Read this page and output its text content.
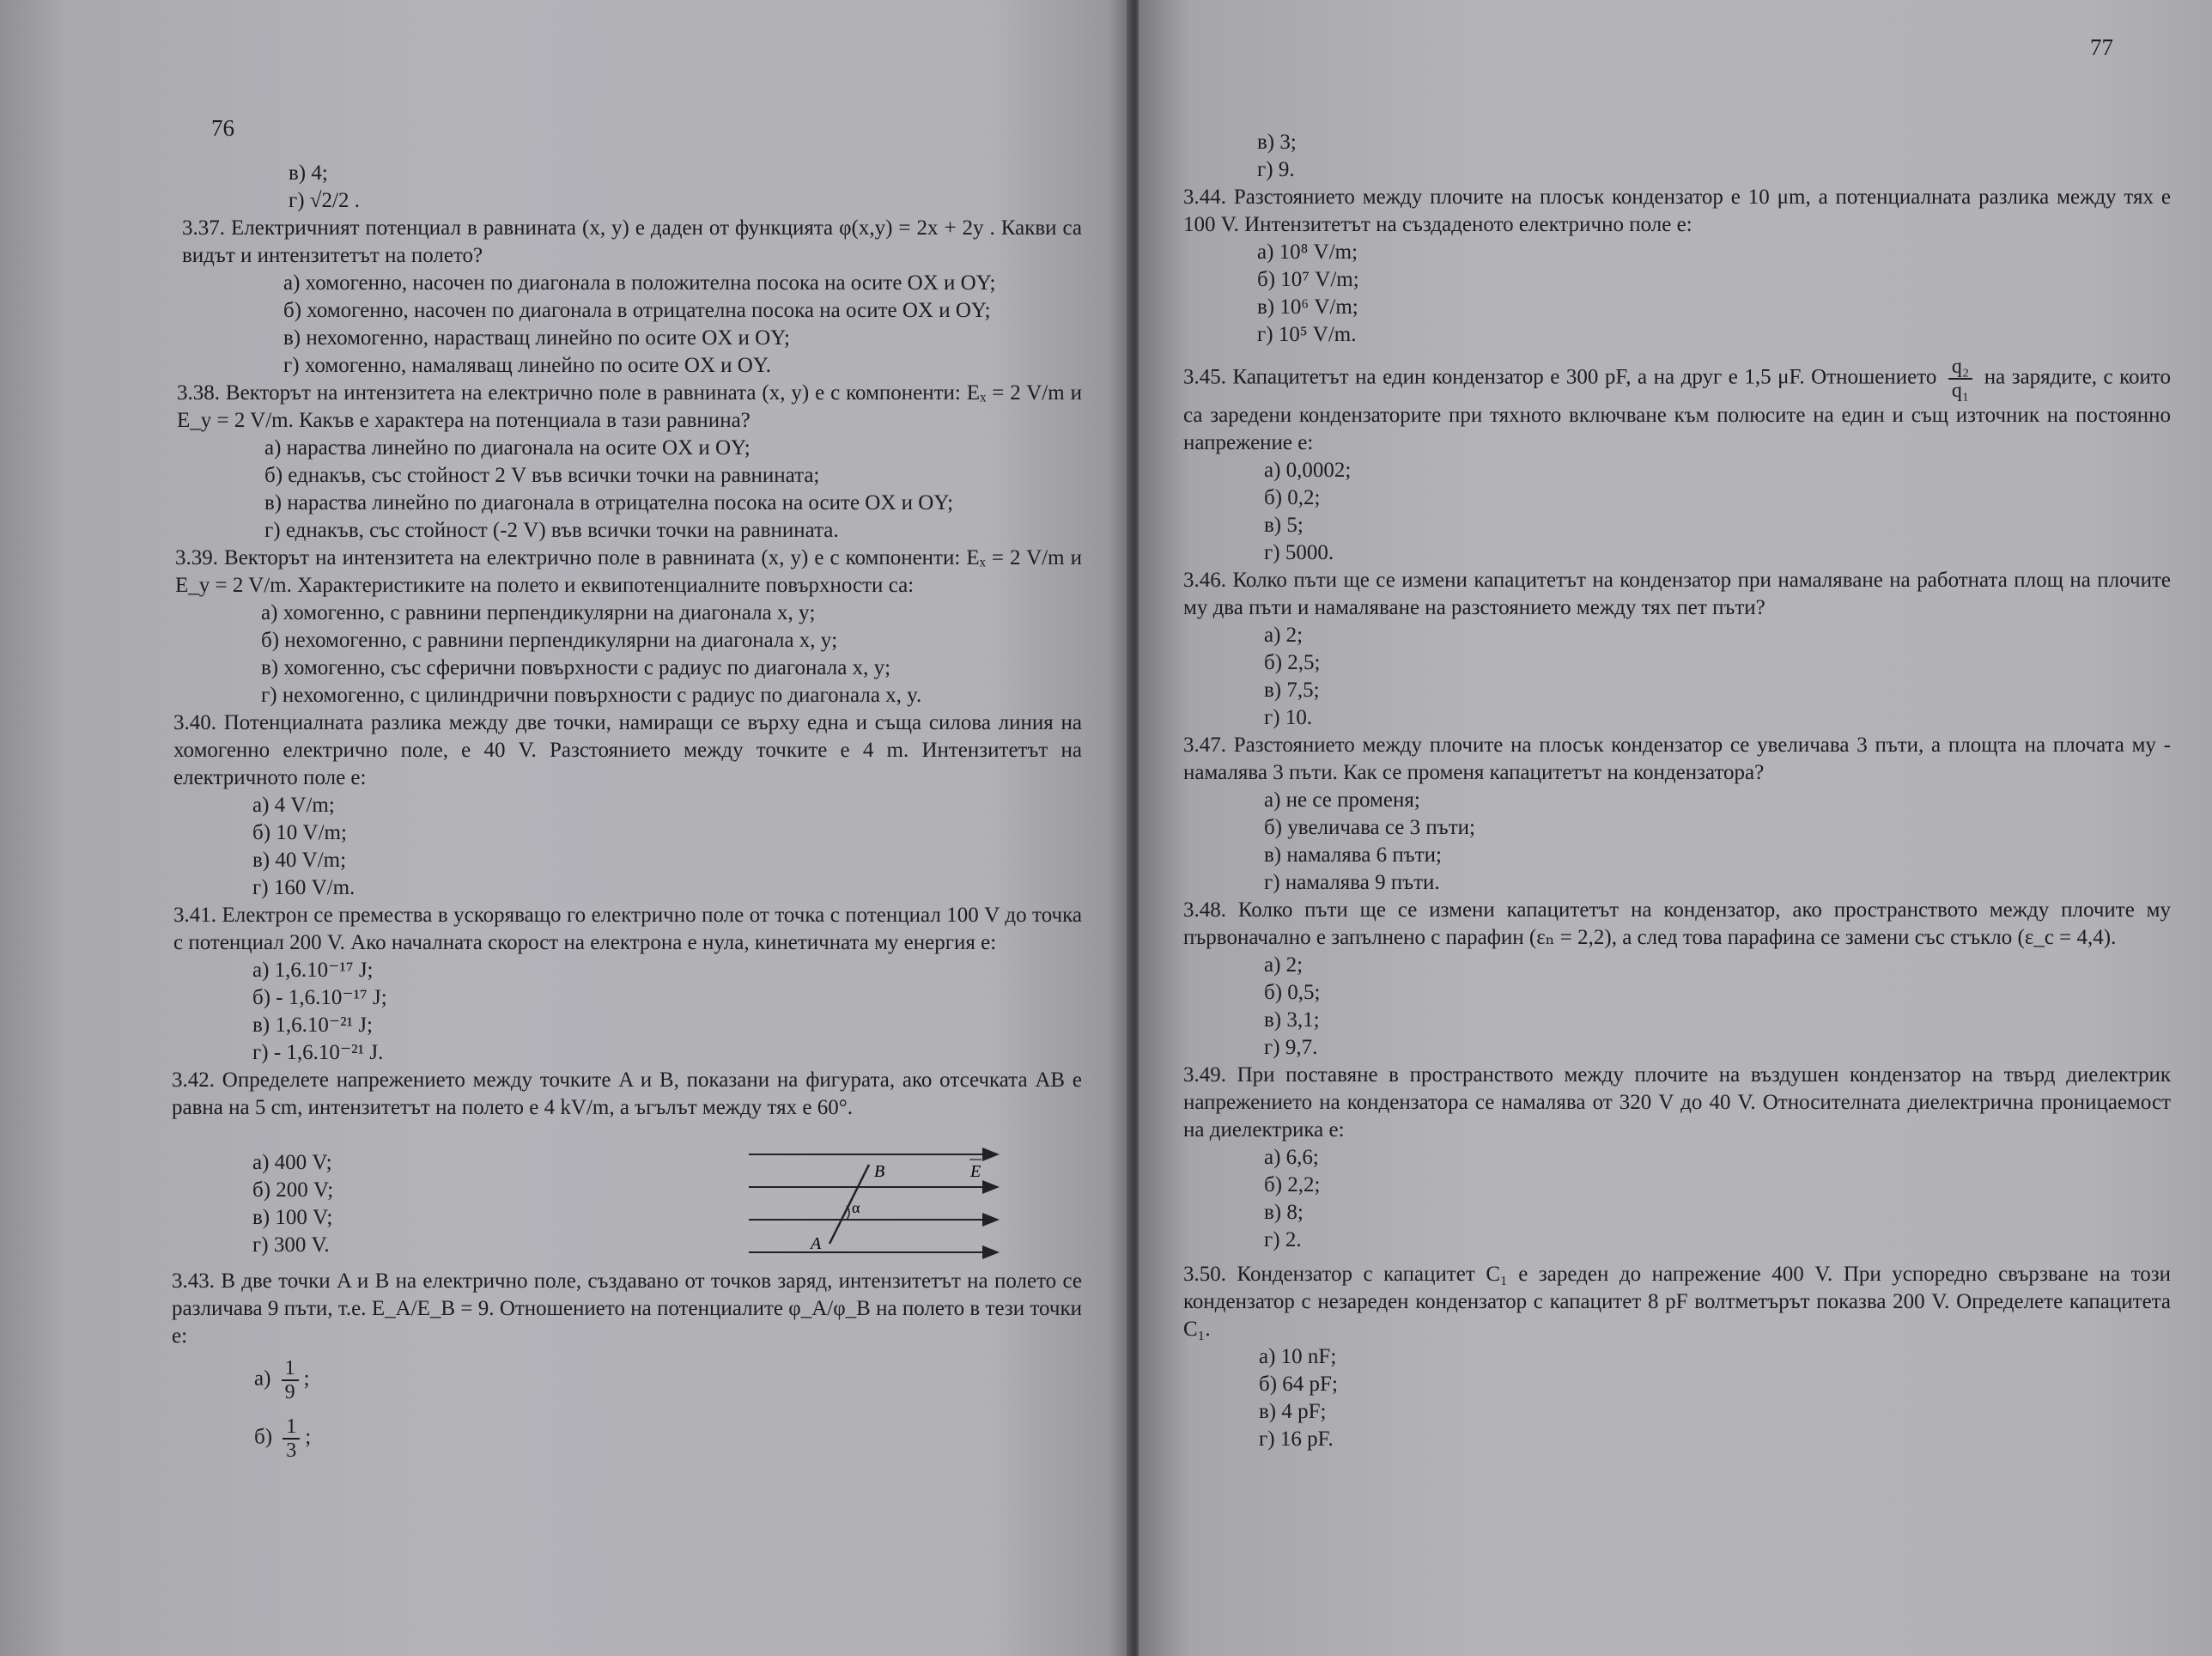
76

в) 4;

г) √2/2 .

3.37. Електричният потенциал в равнината (x, y) е даден от функцията φ(x,y) = 2x + 2y . Какви са видът и интензитетът на полето?

а) хомогенно, насочен по диагонала в положителна посока на осите OX и OY;

б) хомогенно, насочен по диагонала в отрицателна посока на осите OX и OY;

в) нехомогенно, нарастващ линейно по осите OX и OY;

г) хомогенно, намаляващ линейно по осите OX и OY.

3.38. Векторът на интензитета на електрично поле в равнината (x, y) е с компоненти: Eₓ = 2 V/m и E_y = 2 V/m. Какъв е характера на потенциала в тази равнина?

а) нараства линейно по диагонала на осите OX и OY;

б) еднакъв, със стойност 2 V във всички точки на равнината;

в) нараства линейно по диагонала в отрицателна посока на осите OX и OY;

г) еднакъв, със стойност (-2 V) във всички точки на равнината.

3.39. Векторът на интензитета на електрично поле в равнината (x, y) е с компоненти: Eₓ = 2 V/m и E_y = 2 V/m. Характеристиките на полето и еквипотенциалните повърхности са:

а) хомогенно, с равнини перпендикулярни на диагонала x, y;

б) нехомогенно, с равнини перпендикулярни на диагонала x, y;

в) хомогенно, със сферични повърхности с радиус по диагонала x, y;

г) нехомогенно, с цилиндрични повърхности с радиус по диагонала x, y.

3.40. Потенциалната разлика между две точки, намиращи се върху една и съща силова линия на хомогенно електрично поле, е 40 V. Разстоянието между точките е 4 m. Интензитетът на електричното поле е:

а) 4 V/m;

б) 10 V/m;

в) 40 V/m;

г) 160 V/m.

3.41. Електрон се премества в ускоряващо го електрично поле от точка с потенциал 100 V до точка с потенциал 200 V. Ако началната скорост на електрона е нула, кинетичната му енергия е:

а) 1,6.10⁻¹⁷ J;

б) - 1,6.10⁻¹⁷ J;

в) 1,6.10⁻²¹ J;

г) - 1,6.10⁻²¹ J.

3.42. Определете напрежението между точките A и B, показани на фигурата, ако отсечката AB е равна на 5 cm, интензитетът на полето е 4 kV/m, а ъгълът между тях е 60°.

а) 400 V;

б) 200 V;

в) 100 V;

г) 300 V.

3.43. В две точки A и B на електрично поле, създавано от точков заряд, интензитетът на полето се различава 9 пъти, т.е. E_A/E_B = 9. Отношението на потенциалите φ_A/φ_B на полето в тези точки е:

$а) \frac{1}{9}$ ;
$б) \frac{1}{3}$ ;
B
α
A
E
77

в) 3;

г) 9.

3.44. Разстоянието между плочите на плосък кондензатор е 10 μm, а потенциалната разлика между тях е 100 V. Интензитетът на създаденото електрично поле е:

а) 10⁸ V/m;

б) 10⁷ V/m;

в) 10⁶ V/m;

г) 10⁵ V/m.

3.45. Капацитетът на един кондензатор е 300 pF, а на друг е 1,5 μF. Отношението $\frac{\text{q₂}}{\text{q₁}}$ на зарядите, с които са заредени кондензаторите при тяхното включване към полюсите на един и същ източник на постоянно напрежение е:

а) 0,0002;

б) 0,2;

в) 5;

г) 5000.

3.46. Колко пъти ще се измени капацитетът на кондензатор при намаляване на работната площ на плочите му два пъти и намаляване на разстоянието между тях пет пъти?

а) 2;

б) 2,5;

в) 7,5;

г) 10.

3.47. Разстоянието между плочите на плосък кондензатор се увеличава 3 пъти, а площта на плочата му - намалява 3 пъти. Как се променя капацитетът на кондензатора?

а) не се променя;

б) увеличава се 3 пъти;

в) намалява 6 пъти;

г) намалява 9 пъти.

3.48. Колко пъти ще се измени капацитетът на кондензатор, ако пространството между плочите му първоначално е запълнено с парафин (εₙ = 2,2), а след това парафина се замени със стъкло (ε_c = 4,4).

а) 2;

б) 0,5;

в) 3,1;

г) 9,7.

3.49. При поставяне в пространството между плочите на въздушен кондензатор на твърд диелектрик напрежението на кондензатора се намалява от 320 V до 40 V. Относителната диелектрична проницаемост на диелектрика е:

а) 6,6;

б) 2,2;

в) 8;

г) 2.

3.50. Кондензатор с капацитет C₁ е зареден до напрежение 400 V. При успоредно свързване на този кондензатор с незареден кондензатор с капацитет 8 pF волтметърът показва 200 V. Определете капацитета C₁.

а) 10 nF;

б) 64 pF;

в) 4 pF;

г) 16 pF.
